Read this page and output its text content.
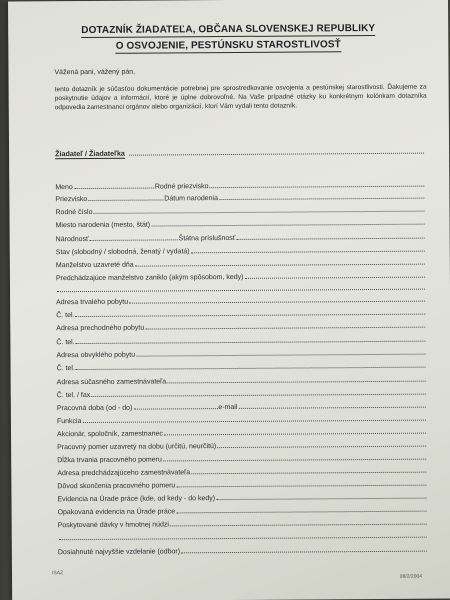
DOTAZNÍK ŽIADATEĽA, OBČANA SLOVENSKEJ REPUBLIKY
O OSVOJENIE, PESTÚNSKU STAROSTLIVOSŤ
Vážená pani, vážený pán,
tento dotazník je súčasťou dokumentácie potrebnej pre sprostredkovanie osvojenia a pestúnskej starostlivosti. Ďakujeme za poskytnutie údajov a informácií, ktoré je úplne dobrovoľné. Na Vaše prípadné otázky ku konkrétnym kolónkam dotazníka odpovedia zamestnanci orgánov alebo organizácií, ktorí Vám vydali tento dotazník.
Žiadateľ / Žiadateľka
Meno	Rodné priezvisko
Priezvisko	Dátum narodenia
Rodné číslo
Miesto narodenia (mesto, štát)
Národnosť	Štátna príslušnosť
Stav (slobodný / slobodná, ženatý / vydatá)
Manželstvo uzavreté dňa
Predchádzajúce manželstvo zaniklo (akým spôsobom, kedy)
Adresa trvalého pobytu
Č. tel.
Adresa prechodného pobytu
Č. tel.
Adresa obvyklého pobytu
Č. tel.
Adresa súčasného zamestnávateľa
Č. tel. / fax
Pracovná doba (od - do)	e-mail
Funkcia
Akcionár, spoločník, zamestnanec
Pracovný pomer uzavretý na dobu (určitú, neurčitú)
Dĺžka trvania pracovného pomeru
Adresa predchádzajúceho zamestnávateľa
Dôvod skončenia pracovného pomeru
Evidencia na Úrade práce (kde, od kedy - do kedy)
Opakovaná evidencia na Úrade práce
Poskytované dávky v hmotnej núdzi
Dosiahnuté najvyššie vzdelanie (odbor)
ISAZ
08/2/2004
